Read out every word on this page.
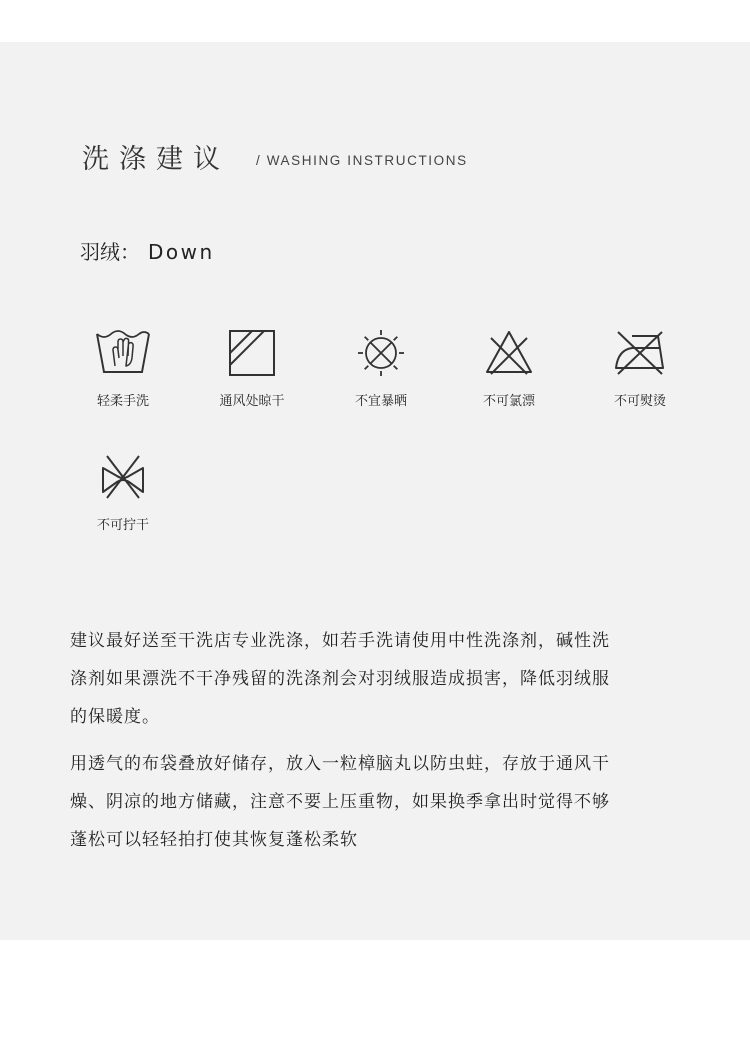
洗涤建议 / WASHING INSTRUCTIONS
羽绒： Down
轻柔手洗	通风处晾干	不宜暴晒	不可氯漂	不可熨烫
不可拧干
建议最好送至干洗店专业洗涤，如若手洗请使用中性洗涤剂，碱性洗
涤剂如果漂洗不干净残留的洗涤剂会对羽绒服造成损害，降低羽绒服
的保暖度。
用透气的布袋叠放好储存，放入一粒樟脑丸以防虫蛀，存放于通风干
燥、阴凉的地方储藏，注意不要上压重物，如果换季拿出时觉得不够
蓬松可以轻轻拍打使其恢复蓬松柔软
